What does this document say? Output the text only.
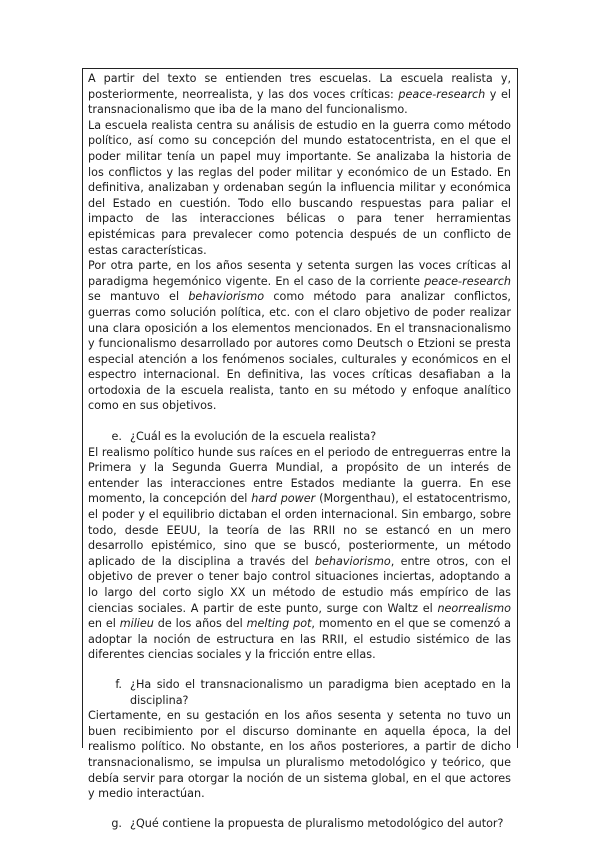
A partir del texto se entienden tres escuelas. La escuela realista y, posteriormente, neorrealista, y las dos voces críticas: peace-research y el transnacionalismo que iba de la mano del funcionalismo.

La escuela realista centra su análisis de estudio en la guerra como método político, así como su concepción del mundo estatocentrista, en el que el poder militar tenía un papel muy importante. Se analizaba la historia de los conflictos y las reglas del poder militar y económico de un Estado. En definitiva, analizaban y ordenaban según la influencia militar y económica del Estado en cuestión. Todo ello buscando respuestas para paliar el impacto de las interacciones bélicas o para tener herramientas epistémicas para prevalecer como potencia después de un conflicto de estas características.

Por otra parte, en los años sesenta y setenta surgen las voces críticas al paradigma hegemónico vigente. En el caso de la corriente peace-research se mantuvo el behaviorismo como método para analizar conflictos, guerras como solución política, etc. con el claro objetivo de poder realizar una clara oposición a los elementos mencionados. En el transnacionalismo y funcionalismo desarrollado por autores como Deutsch o Etzioni se presta especial atención a los fenómenos sociales, culturales y económicos en el espectro internacional. En definitiva, las voces críticas desafiaban a la ortodoxia de la escuela realista, tanto en su método y enfoque analítico como en sus objetivos.

e. ¿Cuál es la evolución de la escuela realista?

El realismo político hunde sus raíces en el periodo de entreguerras entre la Primera y la Segunda Guerra Mundial, a propósito de un interés de entender las interacciones entre Estados mediante la guerra. En ese momento, la concepción del hard power (Morgenthau), el estatocentrismo, el poder y el equilibrio dictaban el orden internacional. Sin embargo, sobre todo, desde EEUU, la teoría de las RRII no se estancó en un mero desarrollo epistémico, sino que se buscó, posteriormente, un método aplicado de la disciplina a través del behaviorismo, entre otros, con el objetivo de prever o tener bajo control situaciones inciertas, adoptando a lo largo del corto siglo XX un método de estudio más empírico de las ciencias sociales. A partir de este punto, surge con Waltz el neorrealismo en el milieu de los años del melting pot, momento en el que se comenzó a adoptar la noción de estructura en las RRII, el estudio sistémico de las diferentes ciencias sociales y la fricción entre ellas.

f. ¿Ha sido el transnacionalismo un paradigma bien aceptado en la disciplina?

Ciertamente, en su gestación en los años sesenta y setenta no tuvo un buen recibimiento por el discurso dominante en aquella época, la del realismo político. No obstante, en los años posteriores, a partir de dicho transnacionalismo, se impulsa un pluralismo metodológico y teórico, que debía servir para otorgar la noción de un sistema global, en el que actores y medio interactúan.

g. ¿Qué contiene la propuesta de pluralismo metodológico del autor?
